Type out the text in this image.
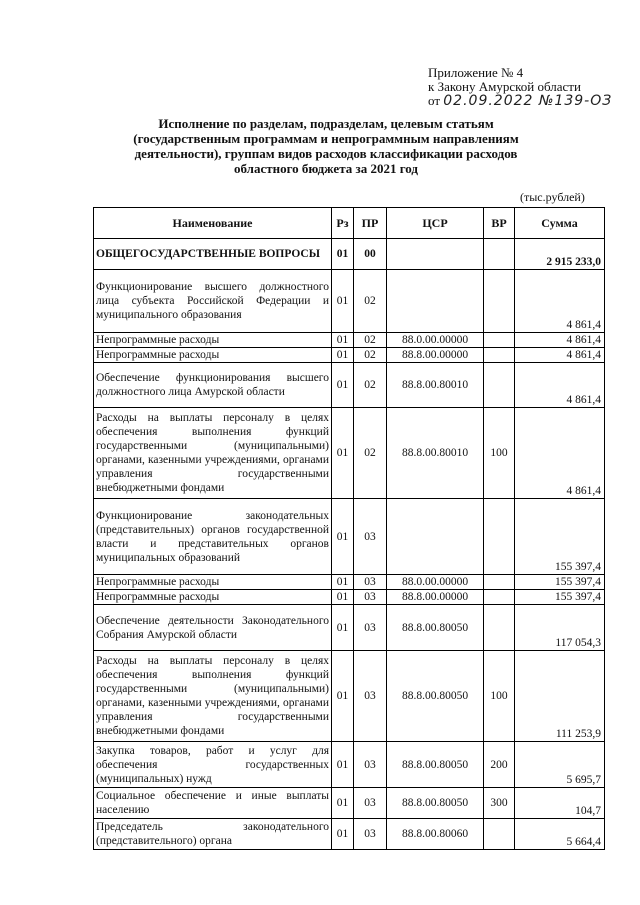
Приложение № 4
к Закону Амурской области
от 02.09.2022 №139-ОЗ
Исполнение по разделам, подразделам, целевым статьям (государственным программам и непрограммным направлениям деятельности), группам видов расходов классификации расходов областного бюджета за 2021 год
(тыс.рублей)
Наименование	Рз	ПР	ЦСР	ВР	Сумма
ОБЩЕГОСУДАРСТВЕННЫЕ ВОПРОСЫ	01	00			2 915 233,0
Функционирование высшего должностного лица субъекта Российской Федерации и муниципального образования	01	02			4 861,4
Непрограммные расходы	01	02	88.0.00.00000		4 861,4
Непрограммные расходы	01	02	88.8.00.00000		4 861,4
Обеспечение функционирования высшего должностного лица Амурской области	01	02	88.8.00.80010		4 861,4
Расходы на выплаты персоналу в целях обеспечения выполнения функций государственными (муниципальными) органами, казенными учреждениями, органами управления государственными внебюджетными фондами	01	02	88.8.00.80010	100	4 861,4
Функционирование законодательных (представительных) органов государственной власти и представительных органов муниципальных образований	01	03			155 397,4
Непрограммные расходы	01	03	88.0.00.00000		155 397,4
Непрограммные расходы	01	03	88.8.00.00000		155 397,4
Обеспечение деятельности Законодательного Собрания Амурской области	01	03	88.8.00.80050		117 054,3
Расходы на выплаты персоналу в целях обеспечения выполнения функций государственными (муниципальными) органами, казенными учреждениями, органами управления государственными внебюджетными фондами	01	03	88.8.00.80050	100	111 253,9
Закупка товаров, работ и услуг для обеспечения государственных (муниципальных) нужд	01	03	88.8.00.80050	200	5 695,7
Социальное обеспечение и иные выплаты населению	01	03	88.8.00.80050	300	104,7
Председатель законодательного (представительного) органа	01	03	88.8.00.80060		5 664,4
